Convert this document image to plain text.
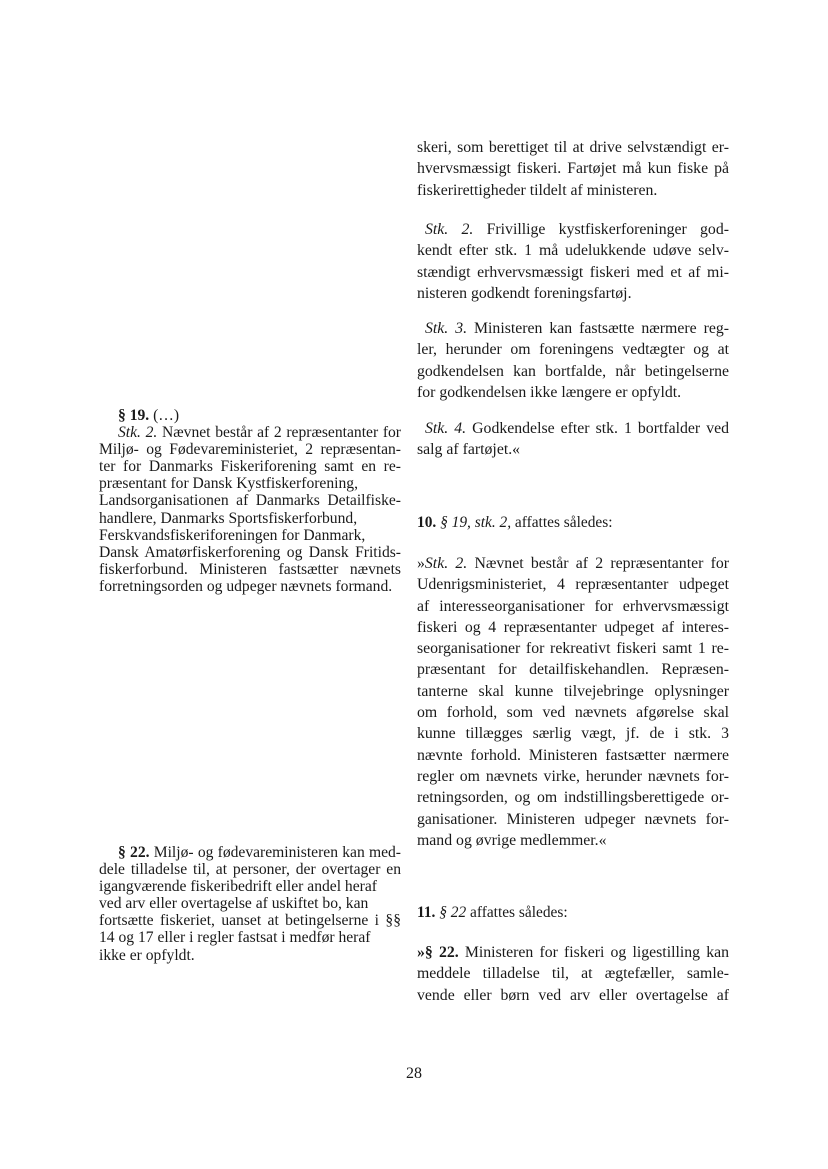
§ 19. (…)
Stk. 2. Nævnet består af 2 repræsentanter for
Miljø- og Fødevareministeriet, 2 repræsentan-
ter for Danmarks Fiskeriforening samt en re-
præsentant for Dansk Kystfiskerforening,
Landsorganisationen af Danmarks Detailfiske-
handlere, Danmarks Sportsfiskerforbund,
Ferskvandsfiskeriforeningen for Danmark,
Dansk Amatørfiskerforening og Dansk Fritids-
fiskerforbund. Ministeren fastsætter nævnets
forretningsorden og udpeger nævnets formand.
§ 22. Miljø- og fødevareministeren kan med-
dele tilladelse til, at personer, der overtager en
igangværende fiskeribedrift eller andel heraf
ved arv eller overtagelse af uskiftet bo, kan
fortsætte fiskeriet, uanset at betingelserne i §§
14 og 17 eller i regler fastsat i medfør heraf
ikke er opfyldt.
skeri, som berettiget til at drive selvstændigt er-
hvervsmæssigt fiskeri. Fartøjet må kun fiske på
fiskerirettigheder tildelt af ministeren.
Stk. 2. Frivillige kystfiskerforeninger god-
kendt efter stk. 1 må udelukkende udøve selv-
stændigt erhvervsmæssigt fiskeri med et af mi-
nisteren godkendt foreningsfartøj.
Stk. 3. Ministeren kan fastsætte nærmere reg-
ler, herunder om foreningens vedtægter og at
godkendelsen kan bortfalde, når betingelserne
for godkendelsen ikke længere er opfyldt.
Stk. 4. Godkendelse efter stk. 1 bortfalder ved
salg af fartøjet.«
10. § 19, stk. 2, affattes således:
»Stk. 2. Nævnet består af 2 repræsentanter for
Udenrigsministeriet, 4 repræsentanter udpeget
af interesseorganisationer for erhvervsmæssigt
fiskeri og 4 repræsentanter udpeget af interes-
seorganisationer for rekreativt fiskeri samt 1 re-
præsentant for detailfiskehandlen. Repræsen-
tanterne skal kunne tilvejebringe oplysninger
om forhold, som ved nævnets afgørelse skal
kunne tillægges særlig vægt, jf. de i stk. 3
nævnte forhold. Ministeren fastsætter nærmere
regler om nævnets virke, herunder nævnets for-
retningsorden, og om indstillingsberettigede or-
ganisationer. Ministeren udpeger nævnets for-
mand og øvrige medlemmer.«
11. § 22 affattes således:
»§ 22. Ministeren for fiskeri og ligestilling kan
meddele tilladelse til, at ægtefæller, samle-
vende eller børn ved arv eller overtagelse af
28
